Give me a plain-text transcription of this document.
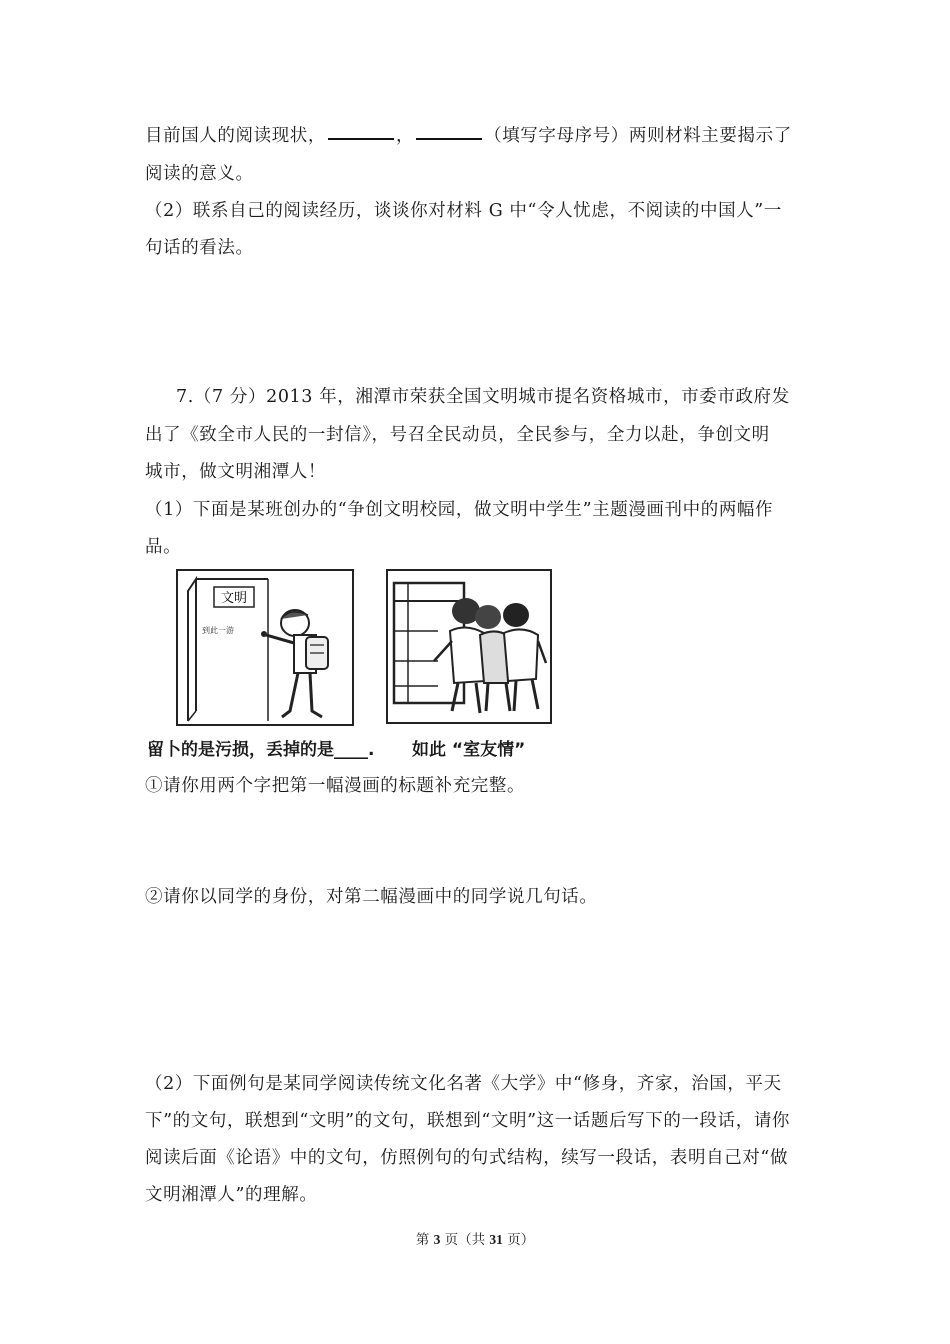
目前国人的阅读现状，	，	（填写字母序号）两则材料主要揭示了
阅读的意义。
（2）联系自己的阅读经历，谈谈你对材料 G 中“令人忧虑，不阅读的中国人”一
句话的看法。
7.（7 分）2013 年，湘潭市荣获全国文明城市提名资格城市，市委市政府发
出了《致全市人民的一封信》，号召全民动员，全民参与，全力以赴，争创文明
城市，做文明湘潭人！
（1）下面是某班创办的“争创文明校园，做文明中学生”主题漫画刊中的两幅作
品。
文明
到此一游
留卜的是污损，丢掉的是____. 如此 “室友情”
①请你用两个字把第一幅漫画的标题补充完整。
②请你以同学的身份，对第二幅漫画中的同学说几句话。
（2）下面例句是某同学阅读传统文化名著《大学》中“修身，齐家，治国，平天
下”的文句，联想到“文明”的文句，联想到“文明”这一话题后写下的一段话，请你
阅读后面《论语》中的文句，仿照例句的句式结构，续写一段话，表明自己对“做
文明湘潭人”的理解。
第 3 页（共 31 页）
